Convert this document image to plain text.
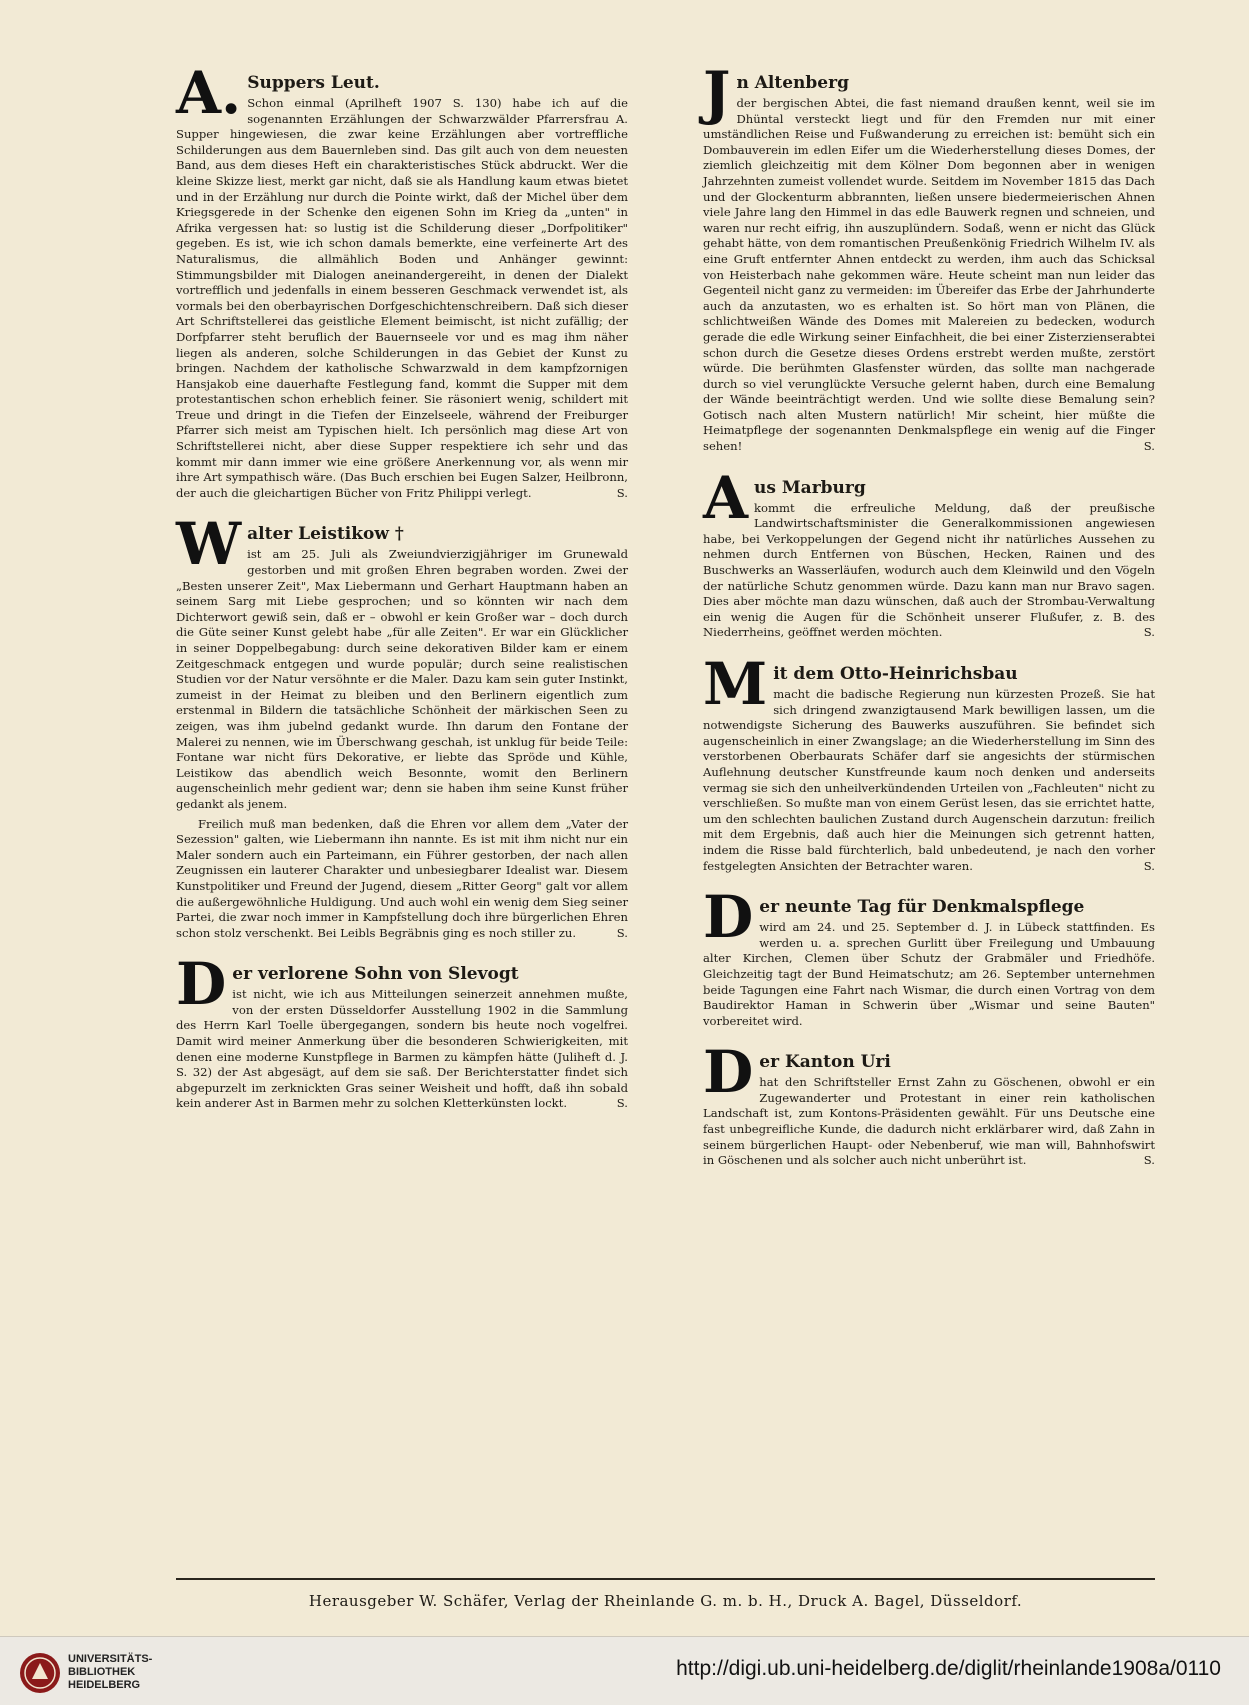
A. Suppers Leut.

Schon einmal (Aprilheft 1907 S. 130) habe ich auf die sogenannten Erzählungen der Schwarzwälder Pfarrersfrau A. Supper hingewiesen, die zwar keine Erzählungen aber vortreffliche Schilderungen aus dem Bauernleben sind. Das gilt auch von dem neuesten Band, aus dem dieses Heft ein charakteristisches Stück abdruckt. Wer die kleine Skizze liest, merkt gar nicht, daß sie als Handlung kaum etwas bietet und in der Erzählung nur durch die Pointe wirkt, daß der Michel über dem Kriegsgerede in der Schenke den eigenen Sohn im Krieg da „unten" in Afrika vergessen hat: so lustig ist die Schilderung dieser „Dorfpolitiker" gegeben. Es ist, wie ich schon damals bemerkte, eine verfeinerte Art des Naturalismus, die allmählich Boden und Anhänger gewinnt: Stimmungsbilder mit Dialogen aneinandergereiht, in denen der Dialekt vortrefflich und jedenfalls in einem besseren Geschmack verwendet ist, als vormals bei den oberbayrischen Dorfgeschichtenschreibern. Daß sich dieser Art Schriftstellerei das geistliche Element beimischt, ist nicht zufällig; der Dorfpfarrer steht beruflich der Bauernseele vor und es mag ihm näher liegen als anderen, solche Schilderungen in das Gebiet der Kunst zu bringen. Nachdem der katholische Schwarzwald in dem kampfzornigen Hansjakob eine dauerhafte Festlegung fand, kommt die Supper mit dem protestantischen schon erheblich feiner. Sie räsoniert wenig, schildert mit Treue und dringt in die Tiefen der Einzelseele, während der Freiburger Pfarrer sich meist am Typischen hielt. Ich persönlich mag diese Art von Schriftstellerei nicht, aber diese Supper respektiere ich sehr und das kommt mir dann immer wie eine größere Anerkennung vor, als wenn mir ihre Art sympathisch wäre. (Das Buch erschien bei Eugen Salzer, Heilbronn, der auch die gleichartigen Bücher von Fritz Philippi verlegt.	S.

W alter Leistikow †

ist am 25. Juli als Zweiundvierzigjähriger im Grunewald gestorben und mit großen Ehren begraben worden. Zwei der „Besten unserer Zeit", Max Liebermann und Gerhart Hauptmann haben an seinem Sarg mit Liebe gesprochen; und so könnten wir nach dem Dichterwort gewiß sein, daß er – obwohl er kein Großer war – doch durch die Güte seiner Kunst gelebt habe „für alle Zeiten". Er war ein Glücklicher in seiner Doppelbegabung: durch seine dekorativen Bilder kam er einem Zeitgeschmack entgegen und wurde populär; durch seine realistischen Studien vor der Natur versöhnte er die Maler. Dazu kam sein guter Instinkt, zumeist in der Heimat zu bleiben und den Berlinern eigentlich zum erstenmal in Bildern die tatsächliche Schönheit der märkischen Seen zu zeigen, was ihm jubelnd gedankt wurde. Ihn darum den Fontane der Malerei zu nennen, wie im Überschwang geschah, ist unklug für beide Teile: Fontane war nicht fürs Dekorative, er liebte das Spröde und Kühle, Leistikow das abendlich weich Besonnte, womit den Berlinern augenscheinlich mehr gedient war; denn sie haben ihm seine Kunst früher gedankt als jenem.

Freilich muß man bedenken, daß die Ehren vor allem dem „Vater der Sezession" galten, wie Liebermann ihn nannte. Es ist mit ihm nicht nur ein Maler sondern auch ein Parteimann, ein Führer gestorben, der nach allen Zeugnissen ein lauterer Charakter und unbesiegbarer Idealist war. Diesem Kunstpolitiker und Freund der Jugend, diesem „Ritter Georg" galt vor allem die außergewöhnliche Huldigung. Und auch wohl ein wenig dem Sieg seiner Partei, die zwar noch immer in Kampfstellung doch ihre bürgerlichen Ehren schon stolz verschenkt. Bei Leibls Begräbnis ging es noch stiller zu.	S.

D er verlorene Sohn von Slevogt

ist nicht, wie ich aus Mitteilungen seinerzeit annehmen mußte, von der ersten Düsseldorfer Ausstellung 1902 in die Sammlung des Herrn Karl Toelle übergegangen, sondern bis heute noch vogelfrei. Damit wird meiner Anmerkung über die besonderen Schwierigkeiten, mit denen eine moderne Kunstpflege in Barmen zu kämpfen hätte (Juliheft d. J. S. 32) der Ast abgesägt, auf dem sie saß. Der Berichterstatter findet sich abgepurzelt im zerknickten Gras seiner Weisheit und hofft, daß ihn sobald kein anderer Ast in Barmen mehr zu solchen Kletterkünsten lockt.	S.

J n Altenberg

der bergischen Abtei, die fast niemand draußen kennt, weil sie im Dhüntal versteckt liegt und für den Fremden nur mit einer umständlichen Reise und Fußwanderung zu erreichen ist: bemüht sich ein Dombauverein im edlen Eifer um die Wiederherstellung dieses Domes, der ziemlich gleichzeitig mit dem Kölner Dom begonnen aber in wenigen Jahrzehnten zumeist vollendet wurde. Seitdem im November 1815 das Dach und der Glockenturm abbrannten, ließen unsere biedermeierischen Ahnen viele Jahre lang den Himmel in das edle Bauwerk regnen und schneien, und waren nur recht eifrig, ihn auszuplündern. Sodaß, wenn er nicht das Glück gehabt hätte, von dem romantischen Preußenkönig Friedrich Wilhelm IV. als eine Gruft entfernter Ahnen entdeckt zu werden, ihm auch das Schicksal von Heisterbach nahe gekommen wäre. Heute scheint man nun leider das Gegenteil nicht ganz zu vermeiden: im Übereifer das Erbe der Jahrhunderte auch da anzutasten, wo es erhalten ist. So hört man von Plänen, die schlichtweißen Wände des Domes mit Malereien zu bedecken, wodurch gerade die edle Wirkung seiner Einfachheit, die bei einer Zisterzienserabtei schon durch die Gesetze dieses Ordens erstrebt werden mußte, zerstört würde. Die berühmten Glasfenster würden, das sollte man nachgerade durch so viel verunglückte Versuche gelernt haben, durch eine Bemalung der Wände beeinträchtigt werden. Und wie sollte diese Bemalung sein? Gotisch nach alten Mustern natürlich! Mir scheint, hier müßte die Heimatpflege der sogenannten Denkmalspflege ein wenig auf die Finger sehen!	S.

A us Marburg

kommt die erfreuliche Meldung, daß der preußische Landwirtschaftsminister die Generalkommissionen angewiesen habe, bei Verkoppelungen der Gegend nicht ihr natürliches Aussehen zu nehmen durch Entfernen von Büschen, Hecken, Rainen und des Buschwerks an Wasserläufen, wodurch auch dem Kleinwild und den Vögeln der natürliche Schutz genommen würde. Dazu kann man nur Bravo sagen. Dies aber möchte man dazu wünschen, daß auch der Strombau-Verwaltung ein wenig die Augen für die Schönheit unserer Flußufer, z. B. des Niederrheins, geöffnet werden möchten.	S.

M it dem Otto-Heinrichsbau

macht die badische Regierung nun kürzesten Prozeß. Sie hat sich dringend zwanzigtausend Mark bewilligen lassen, um die notwendigste Sicherung des Bauwerks auszuführen. Sie befindet sich augenscheinlich in einer Zwangslage; an die Wiederherstellung im Sinn des verstorbenen Oberbaurats Schäfer darf sie angesichts der stürmischen Auflehnung deutscher Kunstfreunde kaum noch denken und anderseits vermag sie sich den unheilverkündenden Urteilen von „Fachleuten" nicht zu verschließen. So mußte man von einem Gerüst lesen, das sie errichtet hatte, um den schlechten baulichen Zustand durch Augenschein darzutun: freilich mit dem Ergebnis, daß auch hier die Meinungen sich getrennt hatten, indem die Risse bald fürchterlich, bald unbedeutend, je nach den vorher festgelegten Ansichten der Betrachter waren.	S.

D er neunte Tag für Denkmalspflege

wird am 24. und 25. September d. J. in Lübeck stattfinden. Es werden u. a. sprechen Gurlitt über Freilegung und Umbauung alter Kirchen, Clemen über Schutz der Grabmäler und Friedhöfe. Gleichzeitig tagt der Bund Heimatschutz; am 26. September unternehmen beide Tagungen eine Fahrt nach Wismar, die durch einen Vortrag von dem Baudirektor Haman in Schwerin über „Wismar und seine Bauten" vorbereitet wird.

D er Kanton Uri

hat den Schriftsteller Ernst Zahn zu Göschenen, obwohl er ein Zugewanderter und Protestant in einer rein katholischen Landschaft ist, zum Kontons-Präsidenten gewählt. Für uns Deutsche eine fast unbegreifliche Kunde, die dadurch nicht erklärbarer wird, daß Zahn in seinem bürgerlichen Haupt- oder Nebenberuf, wie man will, Bahnhofswirt in Göschenen und als solcher auch nicht unberührt ist.	S.

Herausgeber W. Schäfer, Verlag der Rheinlande G. m. b. H., Druck A. Bagel, Düsseldorf.
UNIVERSITÄTS-
BIBLIOTHEK
HEIDELBERG
http://digi.ub.uni-heidelberg.de/diglit/rheinlande1908a/0110
